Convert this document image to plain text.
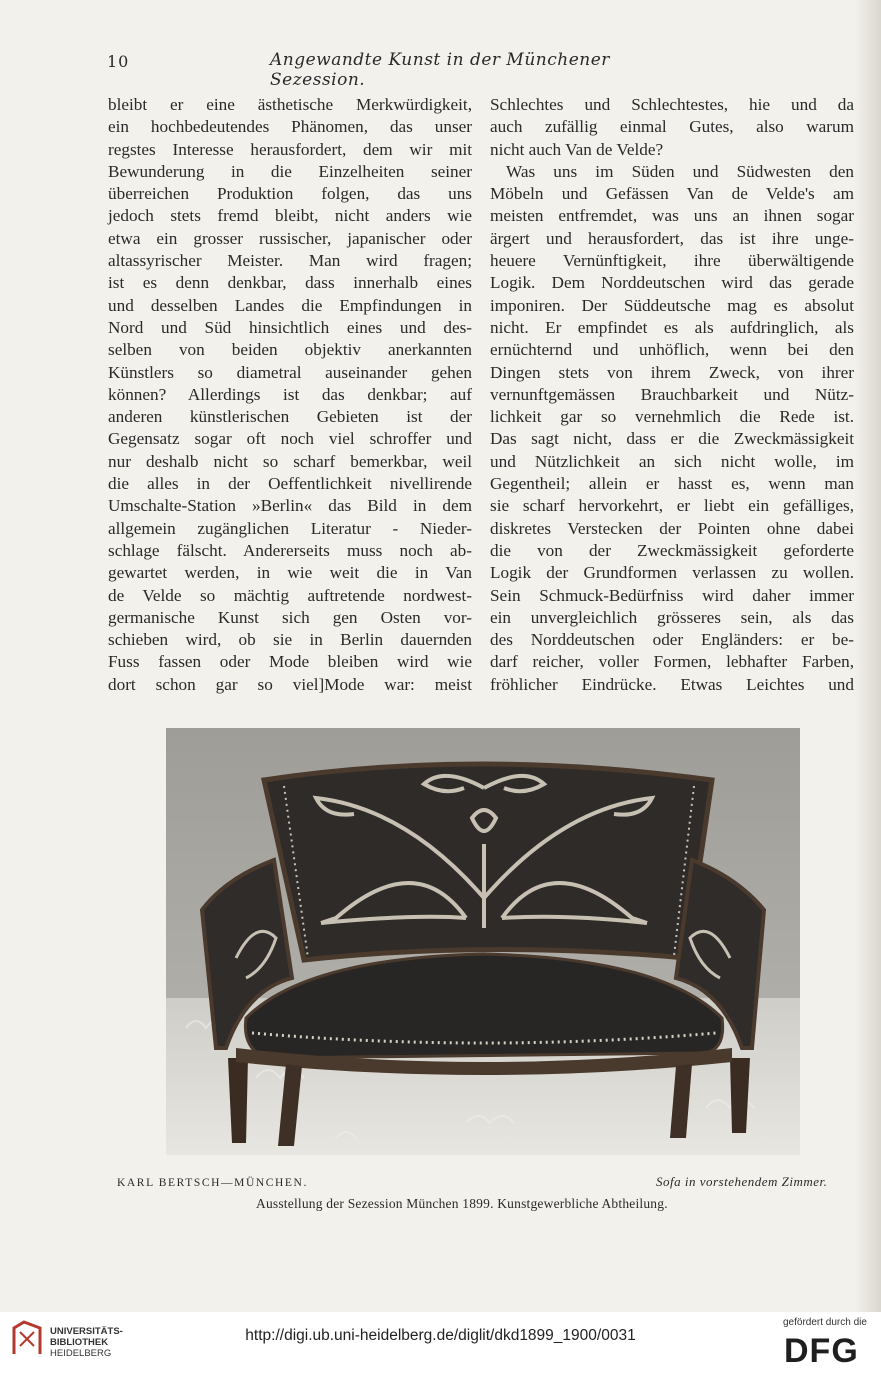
10	Angewandte Kunst in der Münchener Sezession.
bleibt er eine ästhetische Merkwürdigkeit,
ein hochbedeutendes Phänomen, das unser
regstes Interesse herausfordert, dem wir mit
Bewunderung in die Einzelheiten seiner
überreichen Produktion folgen, das uns
jedoch stets fremd bleibt, nicht anders wie
etwa ein grosser russischer, japanischer oder
altassyrischer Meister. Man wird fragen;
ist es denn denkbar, dass innerhalb eines
und desselben Landes die Empfindungen in
Nord und Süd hinsichtlich eines und des-
selben von beiden objektiv anerkannten
Künstlers so diametral auseinander gehen
können? Allerdings ist das denkbar; auf
anderen künstlerischen Gebieten ist der
Gegensatz sogar oft noch viel schroffer und
nur deshalb nicht so scharf bemerkbar, weil
die alles in der Oeffentlichkeit nivellirende
Umschalte-Station »Berlin« das Bild in dem
allgemein zugänglichen Literatur - Nieder-
schlage fälscht. Andererseits muss noch ab-
gewartet werden, in wie weit die in Van
de Velde so mächtig auftretende nordwest-
germanische Kunst sich gen Osten vor-
schieben wird, ob sie in Berlin dauernden
Fuss fassen oder Mode bleiben wird wie
dort schon gar so viel]Mode war: meist
Schlechtes und Schlechtestes, hie und da
auch zufällig einmal Gutes, also warum
nicht auch Van de Velde?
Was uns im Süden und Südwesten den
Möbeln und Gefässen Van de Velde's am
meisten entfremdet, was uns an ihnen sogar
ärgert und herausfordert, das ist ihre unge-
heuere Vernünftigkeit, ihre überwältigende
Logik. Dem Norddeutschen wird das gerade
imponiren. Der Süddeutsche mag es absolut
nicht. Er empfindet es als aufdringlich, als
ernüchternd und unhöflich, wenn bei den
Dingen stets von ihrem Zweck, von ihrer
vernunftgemässen Brauchbarkeit und Nütz-
lichkeit gar so vernehmlich die Rede ist.
Das sagt nicht, dass er die Zweckmässigkeit
und Nützlichkeit an sich nicht wolle, im
Gegentheil; allein er hasst es, wenn man
sie scharf hervorkehrt, er liebt ein gefälliges,
diskretes Verstecken der Pointen ohne dabei
die von der Zweckmässigkeit geforderte
Logik der Grundformen verlassen zu wollen.
Sein Schmuck-Bedürfniss wird daher immer
ein unvergleichlich grösseres sein, als das
des Norddeutschen oder Engländers: er be-
darf reicher, voller Formen, lebhafter Farben,
fröhlicher Eindrücke. Etwas Leichtes und
M.G.
KARL BERTSCH—MÜNCHEN.	Sofa in vorstehendem Zimmer.
Ausstellung der Sezession München 1899. Kunstgewerbliche Abtheilung.
UNIVERSITÄTS-
BIBLIOTHEK
HEIDELBERG
http://digi.ub.uni-heidelberg.de/diglit/dkd1899_1900/0031
gefördert durch die
DFG
